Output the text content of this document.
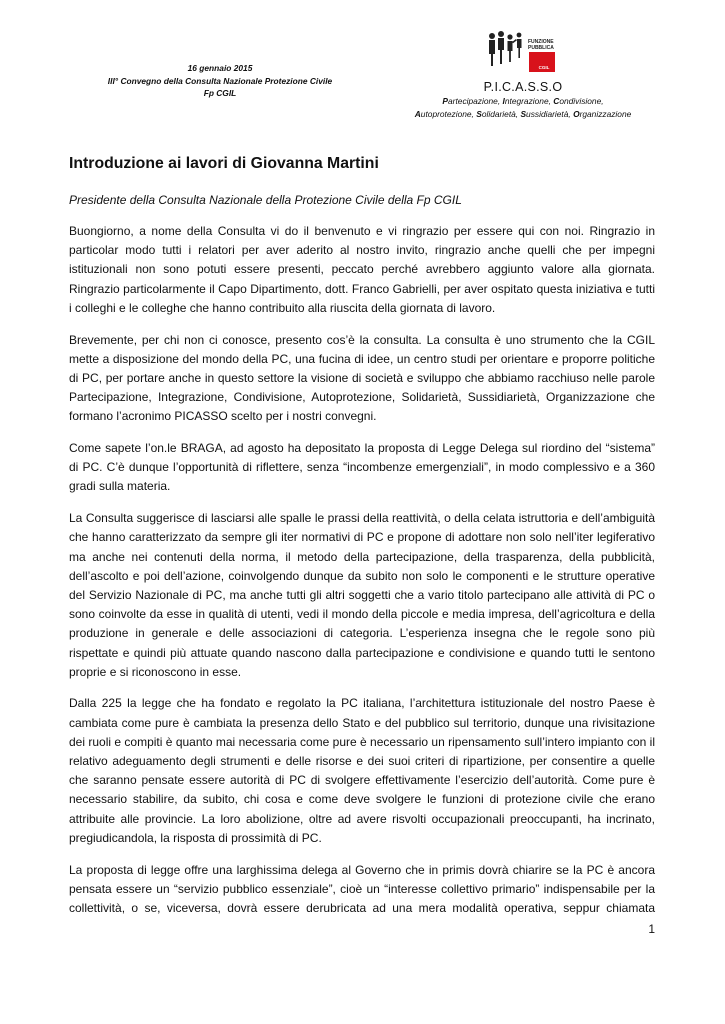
16 gennaio 2015
III° Convegno della Consulta Nazionale Protezione Civile
Fp CGIL
FUNZIONE
PUBBLICA
CGIL
P.I.C.A.S.S.O
Partecipazione, Integrazione, Condivisione,
Autoprotezione, Solidarietà, Sussidiarietà, Organizzazione
Introduzione ai lavori di Giovanna Martini

Presidente della Consulta Nazionale della Protezione Civile della Fp CGIL

Buongiorno, a nome della Consulta vi do il benvenuto e vi ringrazio per essere qui con noi. Ringrazio in particolar modo tutti i relatori per aver aderito al nostro invito, ringrazio anche quelli che per impegni istituzionali non sono potuti essere presenti, peccato perché avrebbero aggiunto valore alla giornata. Ringrazio particolarmente il Capo Dipartimento, dott. Franco Gabrielli, per aver ospitato questa iniziativa e tutti i colleghi e le colleghe che hanno contribuito alla riuscita della giornata di lavoro.

Brevemente, per chi non ci conosce, presento cos’è la consulta. La consulta è uno strumento che la CGIL mette a disposizione del mondo della PC, una fucina di idee, un centro studi per orientare e proporre politiche di PC, per portare anche in questo settore la visione di società e sviluppo che abbiamo racchiuso nelle parole Partecipazione, Integrazione, Condivisione, Autoprotezione, Solidarietà, Sussidiarietà, Organizzazione che formano l’acronimo PICASSO scelto per i nostri convegni.

Come sapete l’on.le BRAGA, ad agosto ha depositato la proposta di Legge Delega sul riordino del “sistema” di PC. C’è dunque l’opportunità di riflettere, senza “incombenze emergenziali”, in modo complessivo e a 360 gradi sulla materia.

La Consulta suggerisce di lasciarsi alle spalle le prassi della reattività, o della celata istruttoria e dell’ambiguità che hanno caratterizzato da sempre gli iter normativi di PC e propone di adottare non solo nell’iter legiferativo ma anche nei contenuti della norma, il metodo della partecipazione, della trasparenza, della pubblicità, dell’ascolto e poi dell’azione, coinvolgendo dunque da subito non solo le componenti e le strutture operative del Servizio Nazionale di PC, ma anche tutti gli altri soggetti che a vario titolo partecipano alle attività di PC o sono coinvolte da esse in qualità di utenti, vedi il mondo della piccole e media impresa, dell’agricoltura e della produzione in generale e delle associazioni di categoria. L’esperienza insegna che le regole sono più rispettate e quindi più attuate quando nascono dalla partecipazione e condivisione e quando tutti le sentono proprie e si riconoscono in esse.

Dalla 225 la legge che ha fondato e regolato la PC italiana, l’architettura istituzionale del nostro Paese è cambiata come pure è cambiata la presenza dello Stato e del pubblico sul territorio, dunque una rivisitazione dei ruoli e compiti è quanto mai necessaria come pure è necessario un ripensamento sull’intero impianto con il relativo adeguamento degli strumenti e delle risorse e dei suoi criteri di ripartizione, per consentire a quelle che saranno pensate essere autorità di PC di svolgere effettivamente l’esercizio dell’autorità. Come pure è necessario stabilire, da subito, chi cosa e come deve svolgere le funzioni di protezione civile che erano attribuite alle provincie. La loro abolizione, oltre ad avere risvolti occupazionali preoccupanti, ha incrinato, pregiudicandola, la risposta di prossimità di PC.

La proposta di legge offre una larghissima delega al Governo che in primis dovrà chiarire se la PC è ancora pensata essere un “servizio pubblico essenziale”, cioè un “interesse collettivo primario” indispensabile per la collettività, o se, viceversa, dovrà essere derubricata ad una mera modalità operativa, seppur chiamata

1
